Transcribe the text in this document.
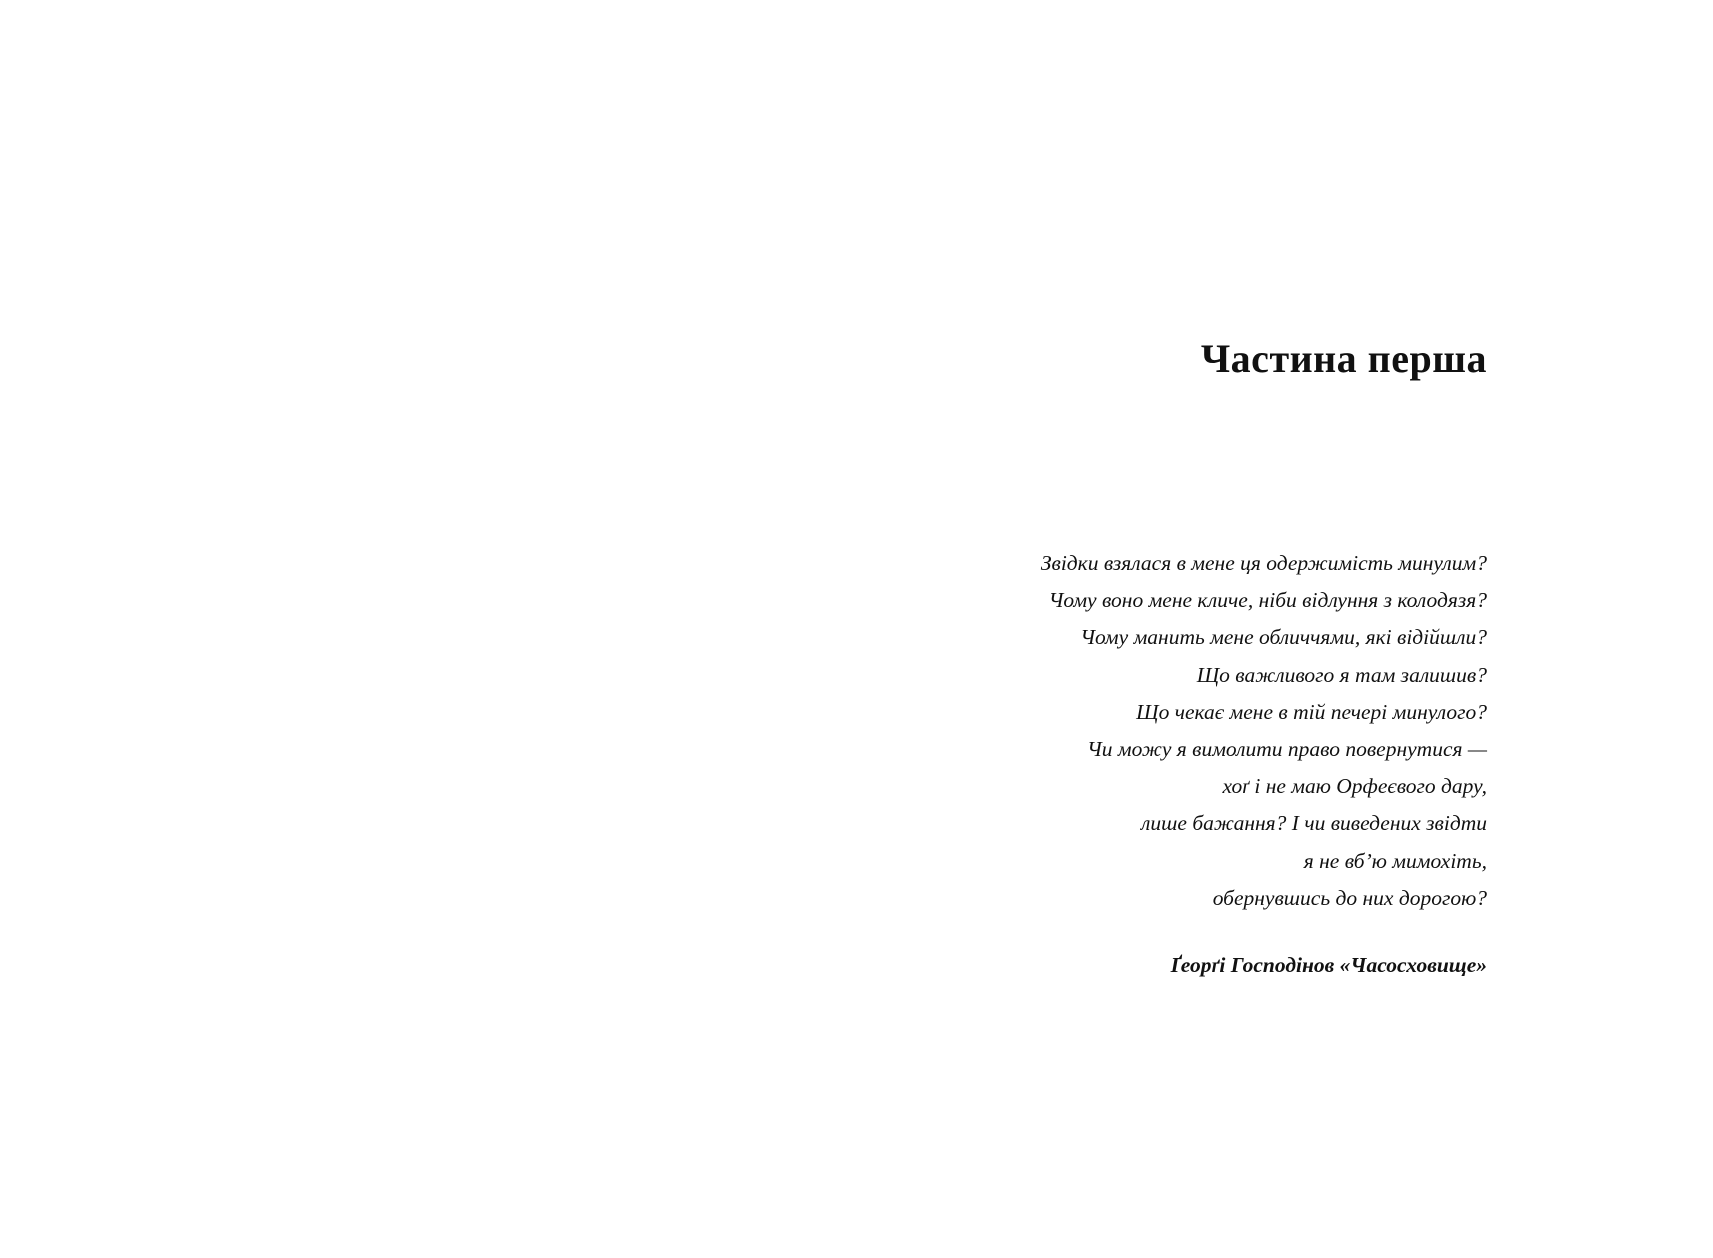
Частина перша
Звідки взялася в мене ця одержимість минулим?
Чому воно мене кличе, ніби відлуння з колодязя?
Чому манить мене обличчями, які відійшли?
Що важливого я там залишив?
Що чекає мене в тій печері минулого?
Чи можу я вимолити право повернутися —
хоґ і не маю Орфеєвого дару,
лише бажання? І чи виведених звідти
я не вб’ю мимохіть,
обернувшись до них дорогою?
Ґеорґі Господінов «Часосховище»
